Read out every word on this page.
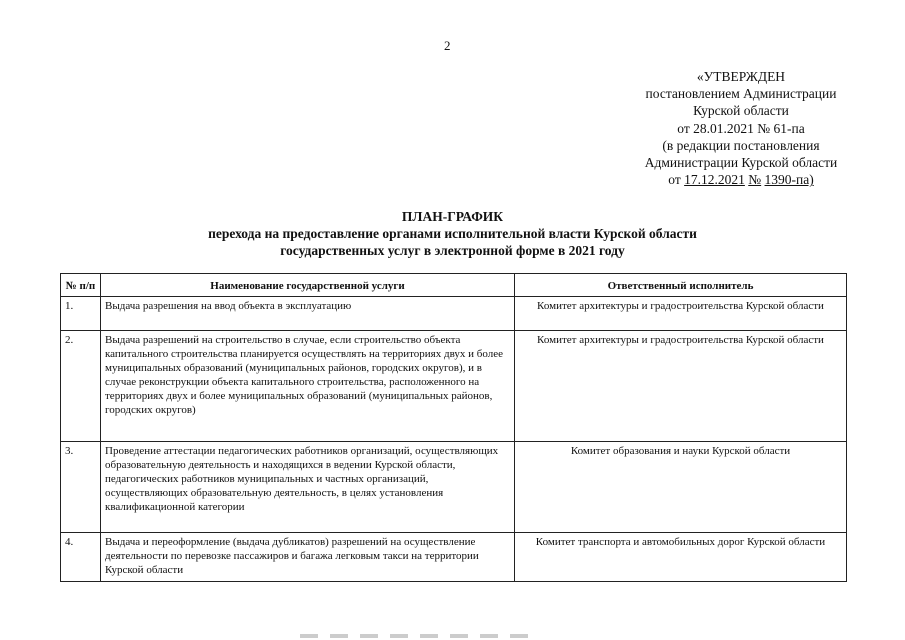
2
«УТВЕРЖДЕН
постановлением Администрации
Курской области
от 28.01.2021 № 61-па
(в редакции постановления
Администрации Курской области
от 17.12.2021 № 1390-па)
ПЛАН-ГРАФИК
перехода на предоставление органами исполнительной власти Курской области
государственных услуг в электронной форме в 2021 году
№ п/п	Наименование государственной услуги	Ответственный исполнитель
1.	Выдача разрешения на ввод объекта в эксплуатацию	Комитет архитектуры и градостроительства Курской области
2.	Выдача разрешений на строительство в случае, если строительство объекта капитального строительства планируется осуществлять на территориях двух и более муниципальных образований (муниципальных районов, городских округов), и в случае реконструкции объекта капитального строительства, расположенного на территориях двух и более муниципальных образований (муниципальных районов, городских округов)	Комитет архитектуры и градостроительства Курской области
3.	Проведение аттестации педагогических работников организаций, осуществляющих образовательную деятельность и находящихся в ведении Курской области, педагогических работников муниципальных и частных организаций, осуществляющих образовательную деятельность, в целях установления квалификационной категории	Комитет образования и науки Курской области
4.	Выдача и переоформление (выдача дубликатов) разрешений на осуществление деятельности по перевозке пассажиров и багажа легковым такси на территории Курской области	Комитет транспорта и автомобильных дорог Курской области
